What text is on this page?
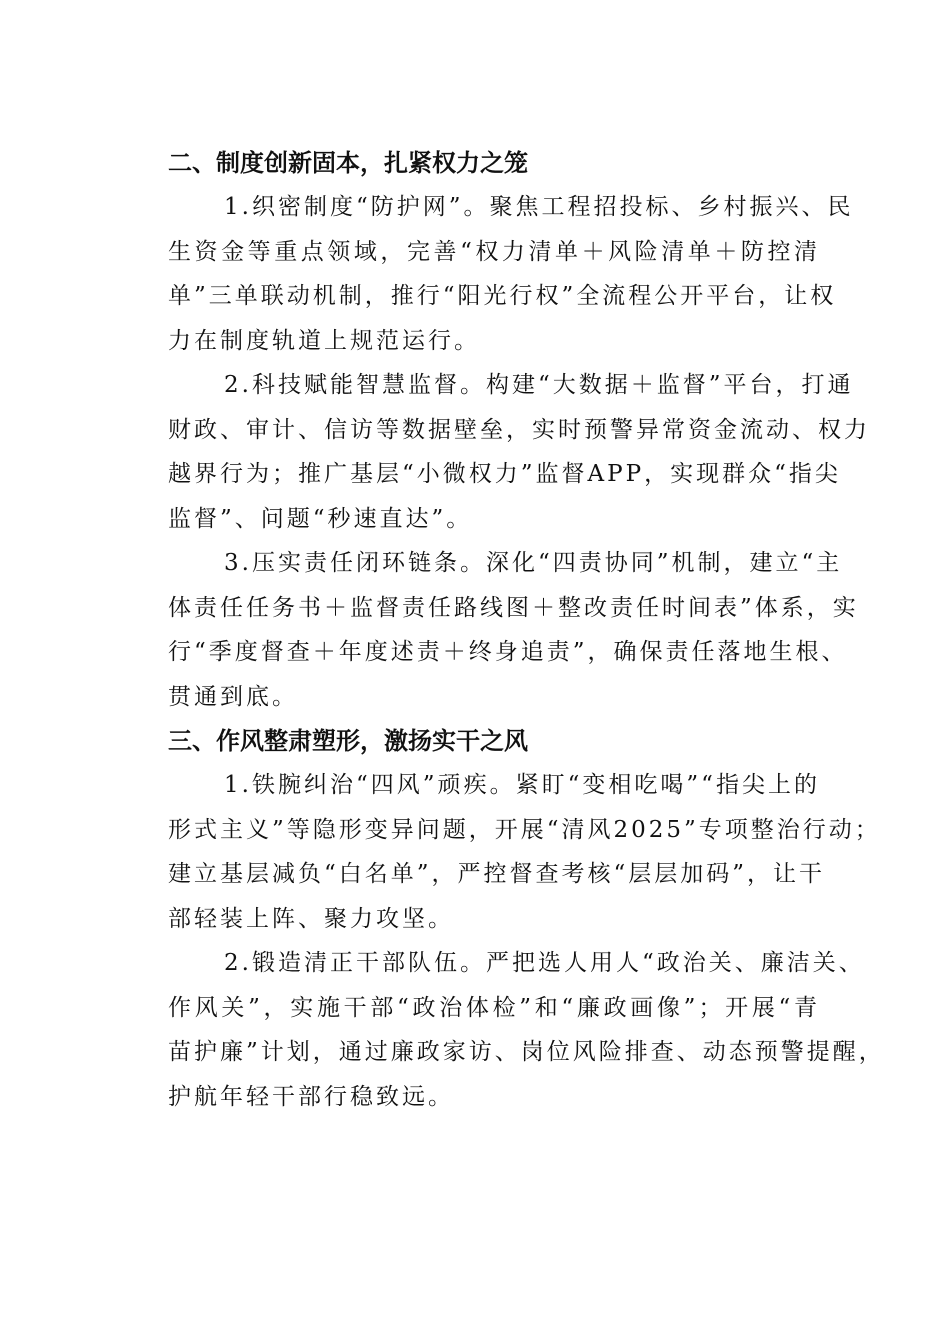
二、制度创新固本，扎紧权力之笼
1.织密制度“防护网”。聚焦工程招投标、乡村振兴、民
生资金等重点领域，完善“权力清单＋风险清单＋防控清
单”三单联动机制，推行“阳光行权”全流程公开平台，让权
力在制度轨道上规范运行。
2.科技赋能智慧监督。构建“大数据＋监督”平台，打通
财政、审计、信访等数据壁垒，实时预警异常资金流动、权力
越界行为；推广基层“小微权力”监督APP，实现群众“指尖
监督”、问题“秒速直达”。
3.压实责任闭环链条。深化“四责协同”机制，建立“主
体责任任务书＋监督责任路线图＋整改责任时间表”体系，实
行“季度督查＋年度述责＋终身追责”，确保责任落地生根、
贯通到底。
三、作风整肃塑形，激扬实干之风
1.铁腕纠治“四风”顽疾。紧盯“变相吃喝”“指尖上的
形式主义”等隐形变异问题，开展“清风2025”专项整治行动；
建立基层减负“白名单”，严控督查考核“层层加码”，让干
部轻装上阵、聚力攻坚。
2.锻造清正干部队伍。严把选人用人“政治关、廉洁关、
作风关”，实施干部“政治体检”和“廉政画像”；开展“青
苗护廉”计划，通过廉政家访、岗位风险排查、动态预警提醒，
护航年轻干部行稳致远。
